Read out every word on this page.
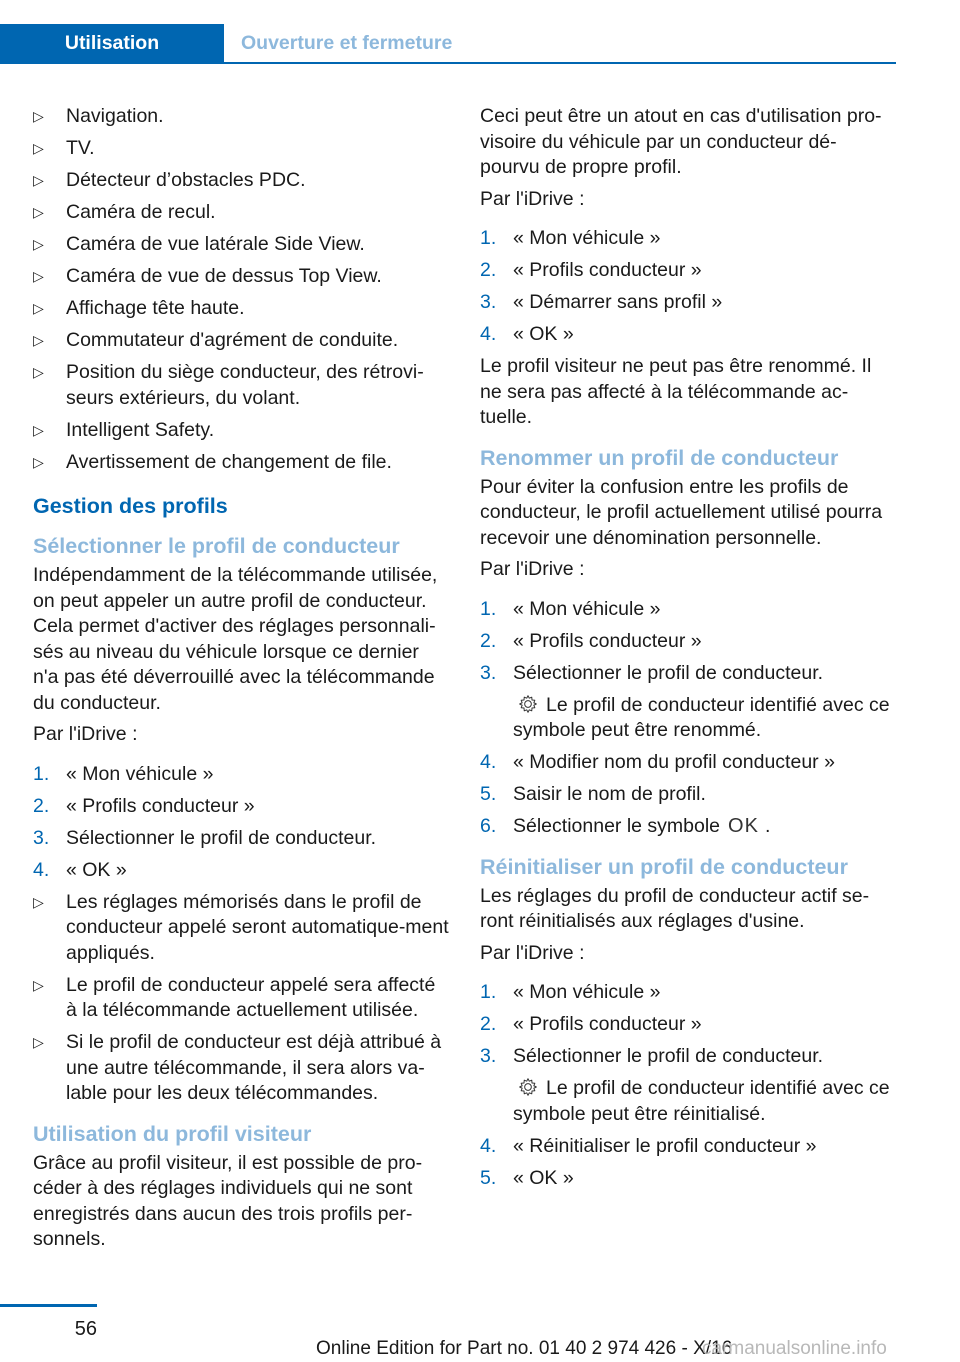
Utilisation	Ouverture et fermeture
▷	Navigation.
▷	TV.
▷	Détecteur d’obstacles PDC.
▷	Caméra de recul.
▷	Caméra de vue latérale Side View.
▷	Caméra de vue de dessus Top View.
▷	Affichage tête haute.
▷	Commutateur d'agrément de conduite.
▷	Position du siège conducteur, des rétrovi-seurs extérieurs, du volant.
▷	Intelligent Safety.
▷	Avertissement de changement de file.
Gestion des profils
Sélectionner le profil de conducteur

Indépendamment de la télécommande utilisée, on peut appeler un autre profil de conducteur. Cela permet d'activer des réglages personnali-sés au niveau du véhicule lorsque ce dernier n'a pas été déverrouillé avec la télécommande du conducteur.

Par l'iDrive :

1. « Mon véhicule »
2. « Profils conducteur »
3. Sélectionner le profil de conducteur.
4. « OK »
▷	Les réglages mémorisés dans le profil de conducteur appelé seront automatique-ment appliqués.
▷	Le profil de conducteur appelé sera affecté à la télécommande actuellement utilisée.
▷	Si le profil de conducteur est déjà attribué à une autre télécommande, il sera alors va-lable pour les deux télécommandes.
Utilisation du profil visiteur

Grâce au profil visiteur, il est possible de pro-céder à des réglages individuels qui ne sont enregistrés dans aucun des trois profils per-sonnels.

Ceci peut être un atout en cas d'utilisation pro-visoire du véhicule par un conducteur dé-pourvu de propre profil.

Par l'iDrive :

1. « Mon véhicule »
2. « Profils conducteur »
3. « Démarrer sans profil »
4. « OK »

Le profil visiteur ne peut pas être renommé. Il ne sera pas affecté à la télécommande ac-tuelle.

Renommer un profil de conducteur

Pour éviter la confusion entre les profils de conducteur, le profil actuellement utilisé pourra recevoir une dénomination personnelle.

Par l'iDrive :

1. « Mon véhicule »
2. « Profils conducteur »
3. Sélectionner le profil de conducteur.
Le profil de conducteur identifié avec ce symbole peut être renommé.
4. « Modifier nom du profil conducteur »
5. Saisir le nom de profil.
6. Sélectionner le symbole OK .
Réinitialiser un profil de conducteur

Les réglages du profil de conducteur actif se-ront réinitialisés aux réglages d'usine.

Par l'iDrive :

1. « Mon véhicule »
2. « Profils conducteur »
3. Sélectionner le profil de conducteur.
Le profil de conducteur identifié avec ce symbole peut être réinitialisé.
4. « Réinitialiser le profil conducteur »
5. « OK »
56
Online Edition for Part no. 01 40 2 974 426 - X/16
carmanualsonline.info
